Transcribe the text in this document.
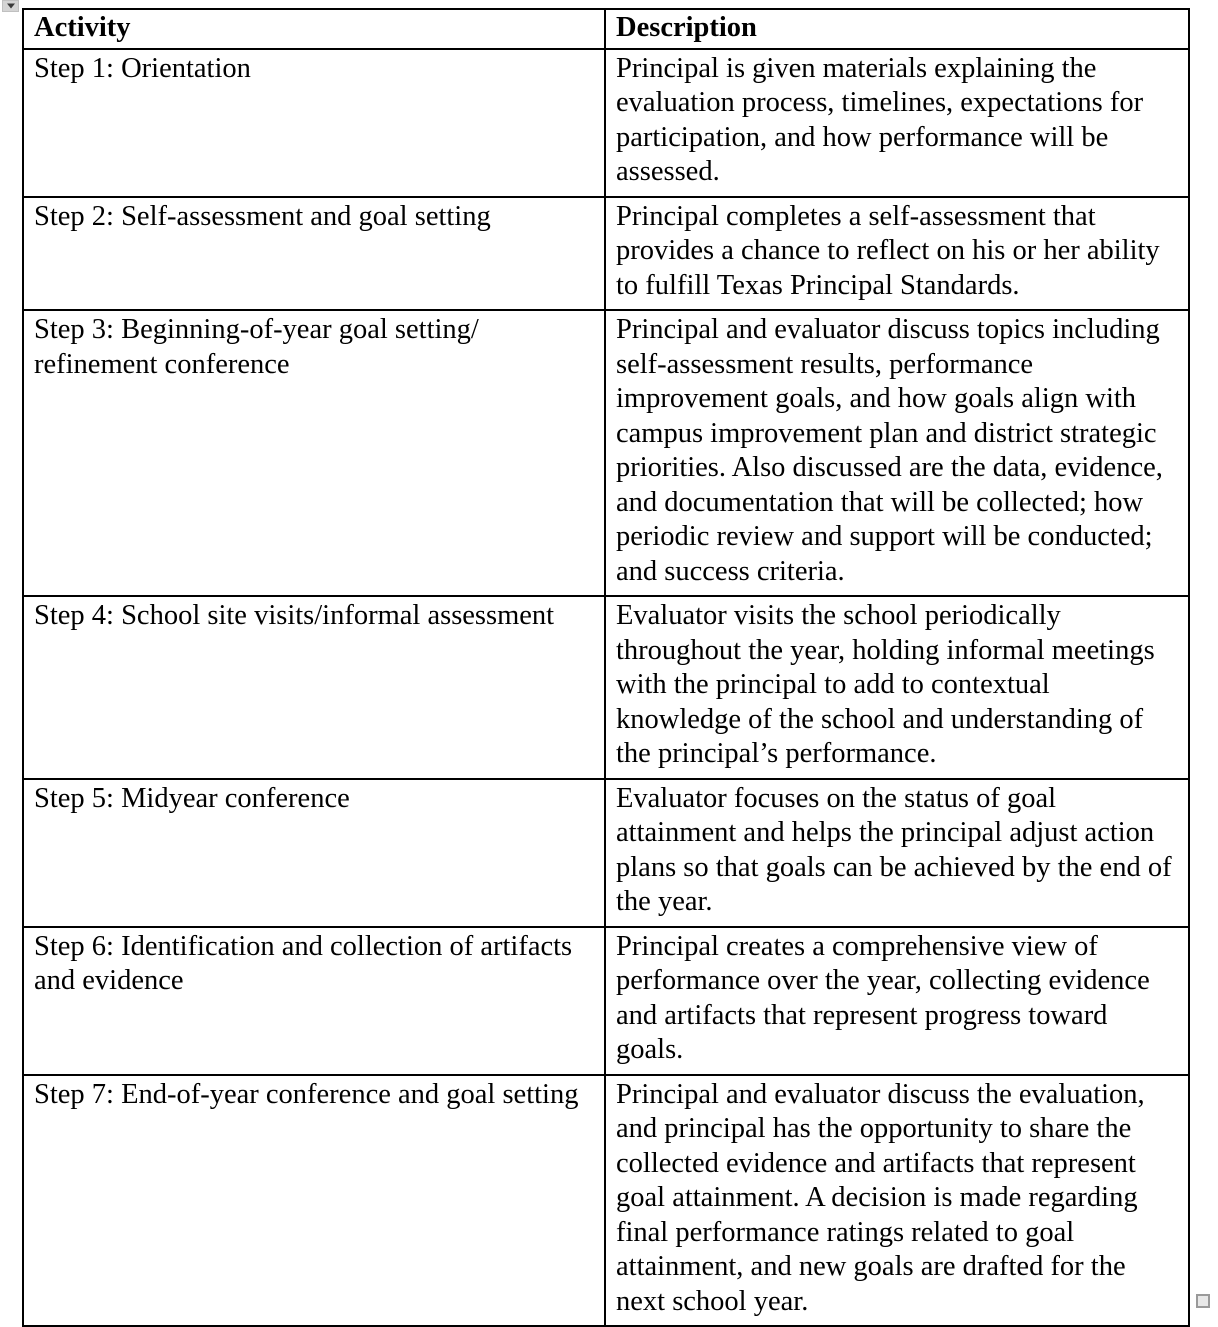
Activity	Description

Step 1: Orientation	Principal is given materials explaining the evaluation process, timelines, expectations for participation, and how performance will be assessed.

Step 2: Self-assessment and goal setting	Principal completes a self-assessment that provides a chance to reflect on his or her ability to fulfill Texas Principal Standards.

Step 3: Beginning-of-year goal setting/ refinement conference	Principal and evaluator discuss topics including self-assessment results, performance improvement goals, and how goals align with campus improvement plan and district strategic priorities. Also discussed are the data, evidence, and documentation that will be collected; how periodic review and support will be conducted; and success criteria.

Step 4: School site visits/informal assessment	Evaluator visits the school periodically throughout the year, holding informal meetings with the principal to add to contextual knowledge of the school and understanding of the principal’s performance.

Step 5: Midyear conference	Evaluator focuses on the status of goal attainment and helps the principal adjust action plans so that goals can be achieved by the end of the year.

Step 6: Identification and collection of artifacts and evidence	Principal creates a comprehensive view of performance over the year, collecting evidence and artifacts that represent progress toward goals.

Step 7: End-of-year conference and goal setting	Principal and evaluator discuss the evaluation, and principal has the opportunity to share the collected evidence and artifacts that represent goal attainment. A decision is made regarding final performance ratings related to goal attainment, and new goals are drafted for the next school year.
